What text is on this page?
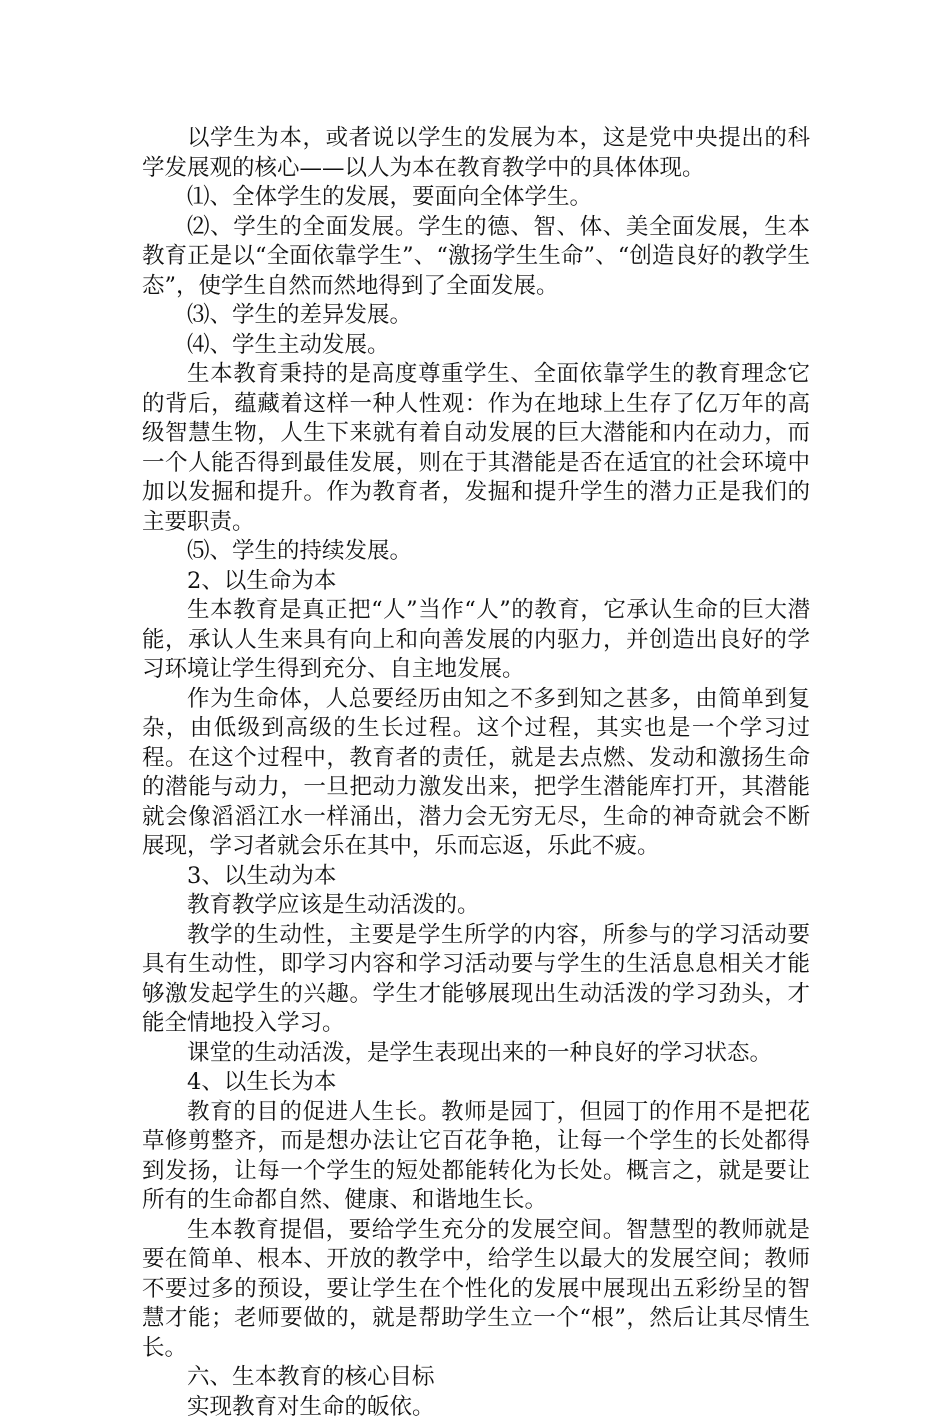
以学生为本，或者说以学生的发展为本，这是党中央提出的科学发展观的核心——以人为本在教育教学中的具体体现。

⑴、全体学生的发展，要面向全体学生。

⑵、学生的全面发展。学生的德、智、体、美全面发展，生本教育正是以“全面依靠学生”、“激扬学生生命”、“创造良好的教学生态”，使学生自然而然地得到了全面发展。

⑶、学生的差异发展。

⑷、学生主动发展。

生本教育秉持的是高度尊重学生、全面依靠学生的教育理念它的背后，蕴藏着这样一种人性观：作为在地球上生存了亿万年的高级智慧生物，人生下来就有着自动发展的巨大潜能和内在动力，而一个人能否得到最佳发展，则在于其潜能是否在适宜的社会环境中加以发掘和提升。作为教育者，发掘和提升学生的潜力正是我们的主要职责。

⑸、学生的持续发展。

2、以生命为本

生本教育是真正把“人”当作“人”的教育，它承认生命的巨大潜能，承认人生来具有向上和向善发展的内驱力，并创造出良好的学习环境让学生得到充分、自主地发展。

作为生命体，人总要经历由知之不多到知之甚多，由简单到复杂，由低级到高级的生长过程。这个过程，其实也是一个学习过程。在这个过程中，教育者的责任，就是去点燃、发动和激扬生命的潜能与动力，一旦把动力激发出来，把学生潜能库打开，其潜能就会像滔滔江水一样涌出，潜力会无穷无尽，生命的神奇就会不断展现，学习者就会乐在其中，乐而忘返，乐此不疲。

3、以生动为本

教育教学应该是生动活泼的。

教学的生动性，主要是学生所学的内容，所参与的学习活动要具有生动性，即学习内容和学习活动要与学生的生活息息相关才能够激发起学生的兴趣。学生才能够展现出生动活泼的学习劲头，才能全情地投入学习。

课堂的生动活泼，是学生表现出来的一种良好的学习状态。

4、以生长为本

教育的目的促进人生长。教师是园丁，但园丁的作用不是把花草修剪整齐，而是想办法让它百花争艳，让每一个学生的长处都得到发扬，让每一个学生的短处都能转化为长处。概言之，就是要让所有的生命都自然、健康、和谐地生长。

生本教育提倡，要给学生充分的发展空间。智慧型的教师就是要在简单、根本、开放的教学中，给学生以最大的发展空间；教师不要过多的预设，要让学生在个性化的发展中展现出五彩纷呈的智慧才能；老师要做的，就是帮助学生立一个“根”，然后让其尽情生长。

六、生本教育的核心目标

实现教育对生命的皈依。
